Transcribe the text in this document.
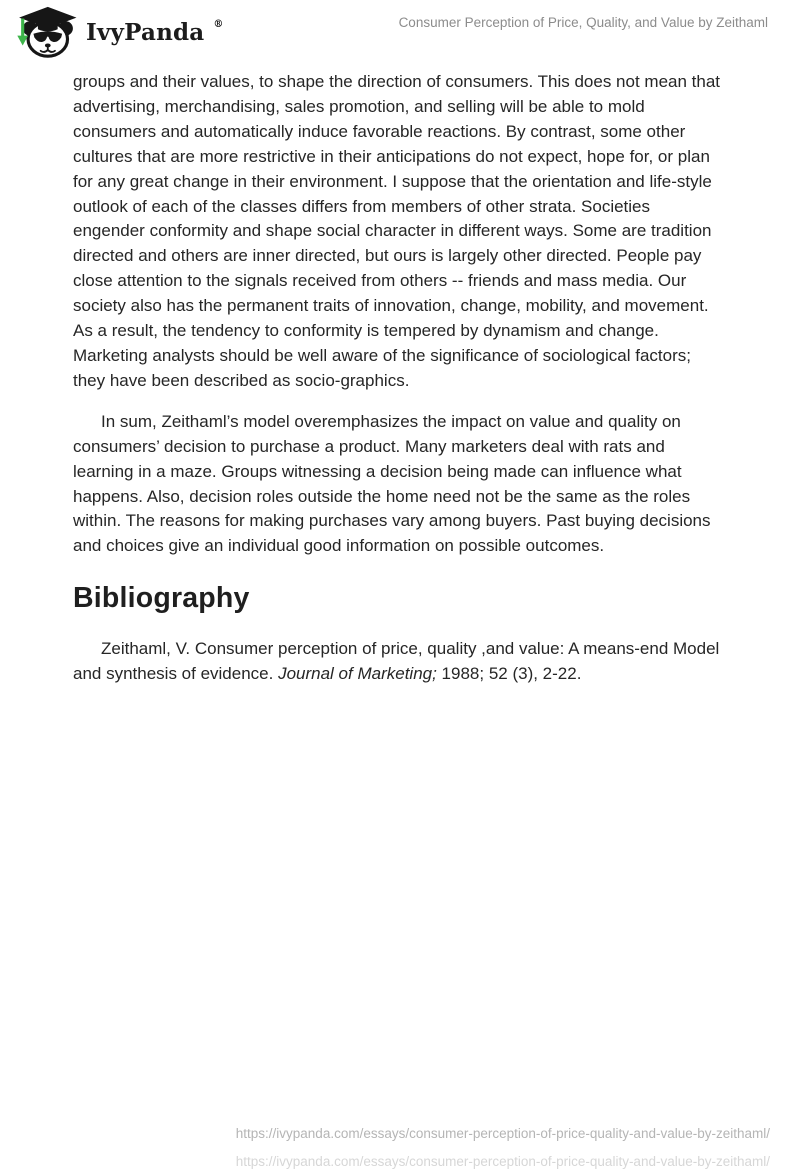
IvyPanda ®	Consumer Perception of Price, Quality, and Value by Zeithaml

groups and their values, to shape the direction of consumers. This does not mean that advertising, merchandising, sales promotion, and selling will be able to mold consumers and automatically induce favorable reactions. By contrast, some other cultures that are more restrictive in their anticipations do not expect, hope for, or plan for any great change in their environment. I suppose that the orientation and life-style outlook of each of the classes differs from members of other strata. Societies engender conformity and shape social character in different ways. Some are tradition directed and others are inner directed, but ours is largely other directed. People pay close attention to the signals received from others -- friends and mass media. Our society also has the permanent traits of innovation, change, mobility, and movement. As a result, the tendency to conformity is tempered by dynamism and change. Marketing analysts should be well aware of the significance of sociological factors; they have been described as socio-graphics.

In sum, Zeithaml’s model overemphasizes the impact on value and quality on consumers’ decision to purchase a product. Many marketers deal with rats and learning in a maze. Groups witnessing a decision being made can influence what happens. Also, decision roles outside the home need not be the same as the roles within. The reasons for making purchases vary among buyers. Past buying decisions and choices give an individual good information on possible outcomes.

Bibliography

Zeithaml, V. Consumer perception of price, quality ,and value: A means-end Model and synthesis of evidence. Journal of Marketing; 1988; 52 (3), 2-22.

https://ivypanda.com/essays/consumer-perception-of-price-quality-and-value-by-zeithaml/
https://ivypanda.com/essays/consumer-perception-of-price-quality-and-value-by-zeithaml/
